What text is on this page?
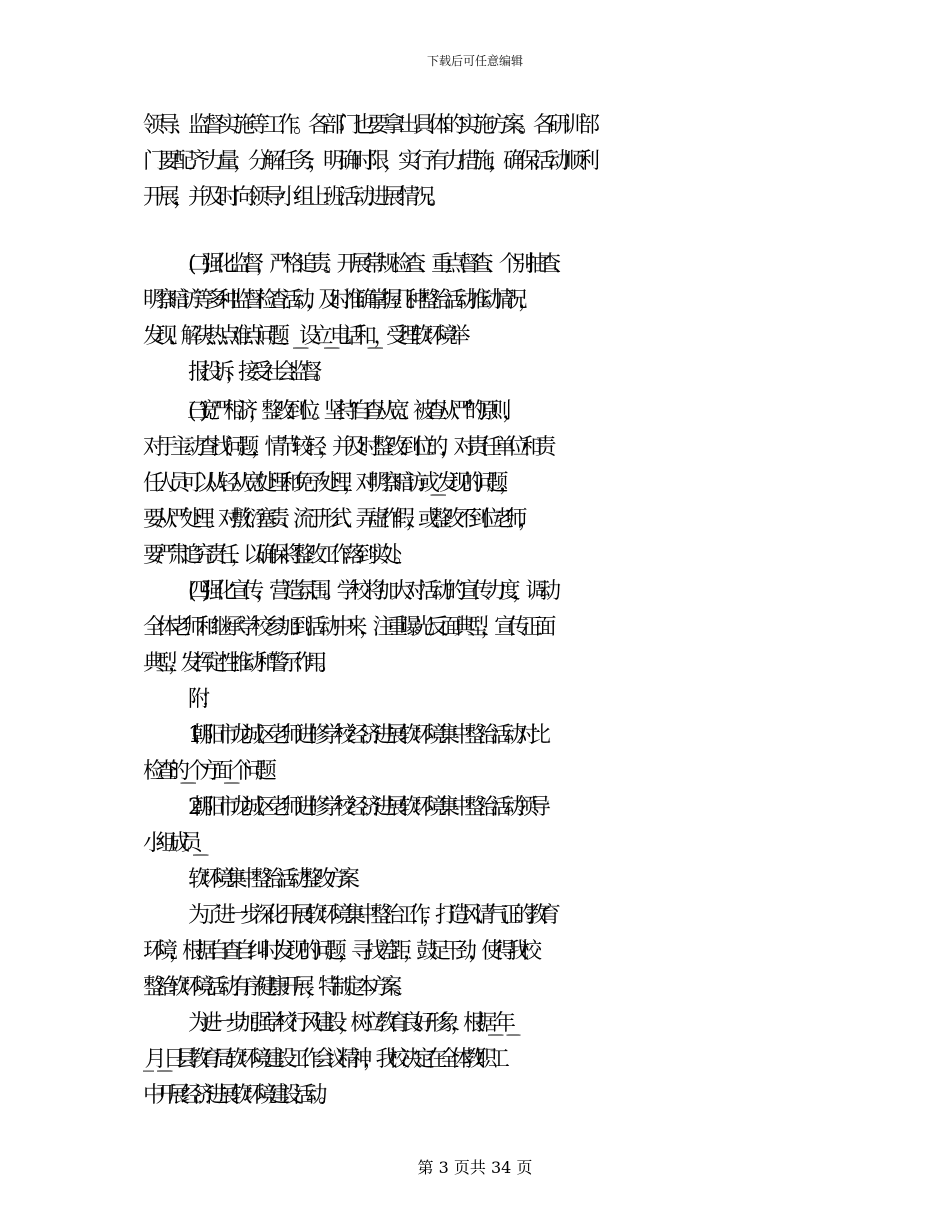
下载后可任意编辑
领导、监督实施等工作。各部门也要拿出具体的实施方案。各研训部
门要配齐力量，分解任务，明确时限，实行有力措施，确保活动顺利
开展，并及时向领导小组上班活动进展情况。
(二)强化监督，严格追责。开展常规检查、重点督查、个别抽查、
明察暗访等多种监督检查活动，及时准确掌握几种整治活动推动情况，
发现、解决热点难点问题。____设立____电话和____，受理软环境举
报投诉，接受社会监督。
(三)宽严相济，整改到位。坚持“自查从宽、被查从严”的原则，
对于主动查找问题，情节较轻，并及时整改到位的，对责任单位和责
任人员可以从轻从宽处理和免予处理，对明察暗访或____发现的问题，
要从严处理。对敷衍塞责、流于形式、弄虚作假，或整改不到位老师，
要严肃追究责任，以确保将整改工作落到实处。
(四)强化宣传，营造氛围。学校将加大对活动的宣传力度，调动
全体老师和继承学校参加到活动中来，注重曝光反面典型，宣传正面
典型，发挥定性推动和警示作用。
附：
1.朝阳市龙城区老师进修学校经济进展软环境集中整治活动对比
检查的____个方面____个问题
2.朝阳市龙城区老师进修学校经济进展软环境集中整治活动领导
小组成员____
软环境集中整治活动整改方案
为了进一步深化开展软环境集中整治工作，打造风清气正的教育
环境，根据自查自纠时发现的问题，寻找差距，鼓足干劲，使得我校
整治软环境活动有序健康开展，特制定本方案。
为进一步加强学校行风建设，树立教育良好形象，根据____年___
_月____日县教育局软环境建设工作会议精神，我校决定在全体教职工
中开展经济进展软环境建设活动。
第 3 页共 34 页
